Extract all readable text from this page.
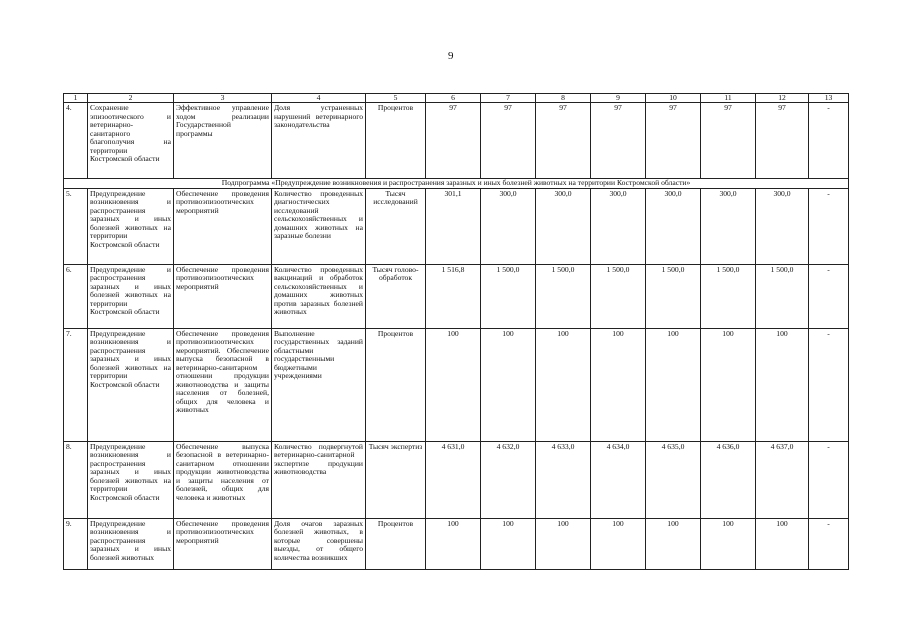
9
1	2	3	4	5	6	7	8	9	10	11	12	13
4.	Сохранение эпизоотического и ветеринарно-санитарного благополучия на территории Костромской области	Эффективное управление ходом реализации Государственной программы	Доля устраненных нарушений ветеринарного законодательства	Процентов	97	97	97	97	97	97	97	-
Подпрограмма «Предупреждение возникновения и распространения заразных и иных болезней животных на территории Костромской области»												
5.	Предупреждение возникновения и распространения заразных и иных болезней животных на территории Костромской области	Обеспечение проведения противоэпизоотических мероприятий	Количество проведенных диагностических исследований сельскохозяйственных и домашних животных на заразные болезни	Тысяч исследований	301,1	300,0	300,0	300,0	300,0	300,0	300,0	-
6.	Предупреждение и распространения заразных и иных болезней животных на территории Костромской области	Обеспечение проведения противоэпизоотических мероприятий	Количество проведенных вакцинаций и обработок сельскохозяйственных и домашних животных против заразных болезней животных	Тысяч голово-обработок	1 516,8	1 500,0	1 500,0	1 500,0	1 500,0	1 500,0	1 500,0	-
7.	Предупреждение возникновения и распространения заразных и иных болезней животных на территории Костромской области	Обеспечение проведения противоэпизоотических мероприятий. Обеспечение выпуска безопасной в ветеринарно-санитарном отношении продукции животноводства и защиты населения от болезней, общих для человека и животных	Выполнение государственных заданий областными государственными бюджетными учреждениями	Процентов	100	100	100	100	100	100	100	-
8.	Предупреждение возникновения и распространения заразных и иных болезней животных на территории Костромской области	Обеспечение выпуска безопасной в ветеринарно-санитарном отношении продукции животноводства и защиты населения от болезней, общих для человека и животных	Количество подвергнутой ветеринарно-санитарной экспертизе продукции животноводства	Тысяч экспертиз	4 631,0	4 632,0	4 633,0	4 634,0	4 635,0	4 636,0	4 637,0	-
9.	Предупреждение возникновения и распространения заразных и иных болезней животных	Обеспечение проведения противоэпизоотических мероприятий	Доля очагов заразных болезней животных, в которые совершены выезды, от общего количества возникших	Процентов	100	100	100	100	100	100	100	-
